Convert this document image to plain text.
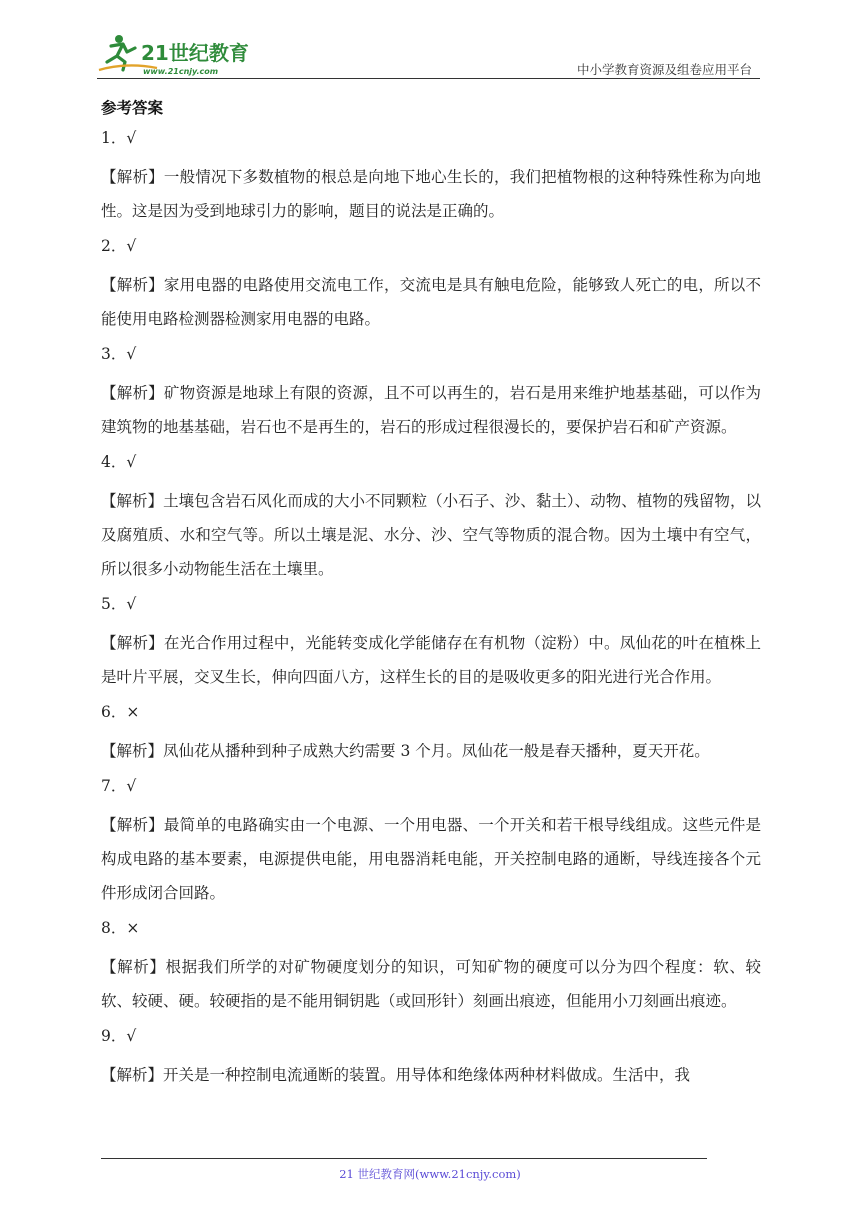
21世纪教育
www.21cnjy.com	中小学教育资源及组卷应用平台
参考答案
1．√
【解析】一般情况下多数植物的根总是向地下地心生长的，我们把植物根的这种特殊性称为向地性。这是因为受到地球引力的影响，题目的说法是正确的。
2．√
【解析】家用电器的电路使用交流电工作，交流电是具有触电危险，能够致人死亡的电，所以不能使用电路检测器检测家用电器的电路。
3．√
【解析】矿物资源是地球上有限的资源，且不可以再生的，岩石是用来维护地基基础，可以作为建筑物的地基基础，岩石也不是再生的，岩石的形成过程很漫长的，要保护岩石和矿产资源。
4．√
【解析】土壤包含岩石风化而成的大小不同颗粒（小石子、沙、黏土）、动物、植物的残留物，以及腐殖质、水和空气等。所以土壤是泥、水分、沙、空气等物质的混合物。因为土壤中有空气，所以很多小动物能生活在土壤里。
5．√
【解析】在光合作用过程中，光能转变成化学能储存在有机物（淀粉）中。凤仙花的叶在植株上是叶片平展，交叉生长，伸向四面八方，这样生长的目的是吸收更多的阳光进行光合作用。
6．×
【解析】凤仙花从播种到种子成熟大约需要 3 个月。凤仙花一般是春天播种，夏天开花。
7．√
【解析】最简单的电路确实由一个电源、一个用电器、一个开关和若干根导线组成。这些元件是构成电路的基本要素，电源提供电能，用电器消耗电能，开关控制电路的通断，导线连接各个元件形成闭合回路。
8．×
【解析】根据我们所学的对矿物硬度划分的知识，可知矿物的硬度可以分为四个程度：软、较软、较硬、硬。较硬指的是不能用铜钥匙（或回形针）刻画出痕迹，但能用小刀刻画出痕迹。
9．√
【解析】开关是一种控制电流通断的装置。用导体和绝缘体两种材料做成。生活中，我
21 世纪教育网(www.21cnjy.com)
